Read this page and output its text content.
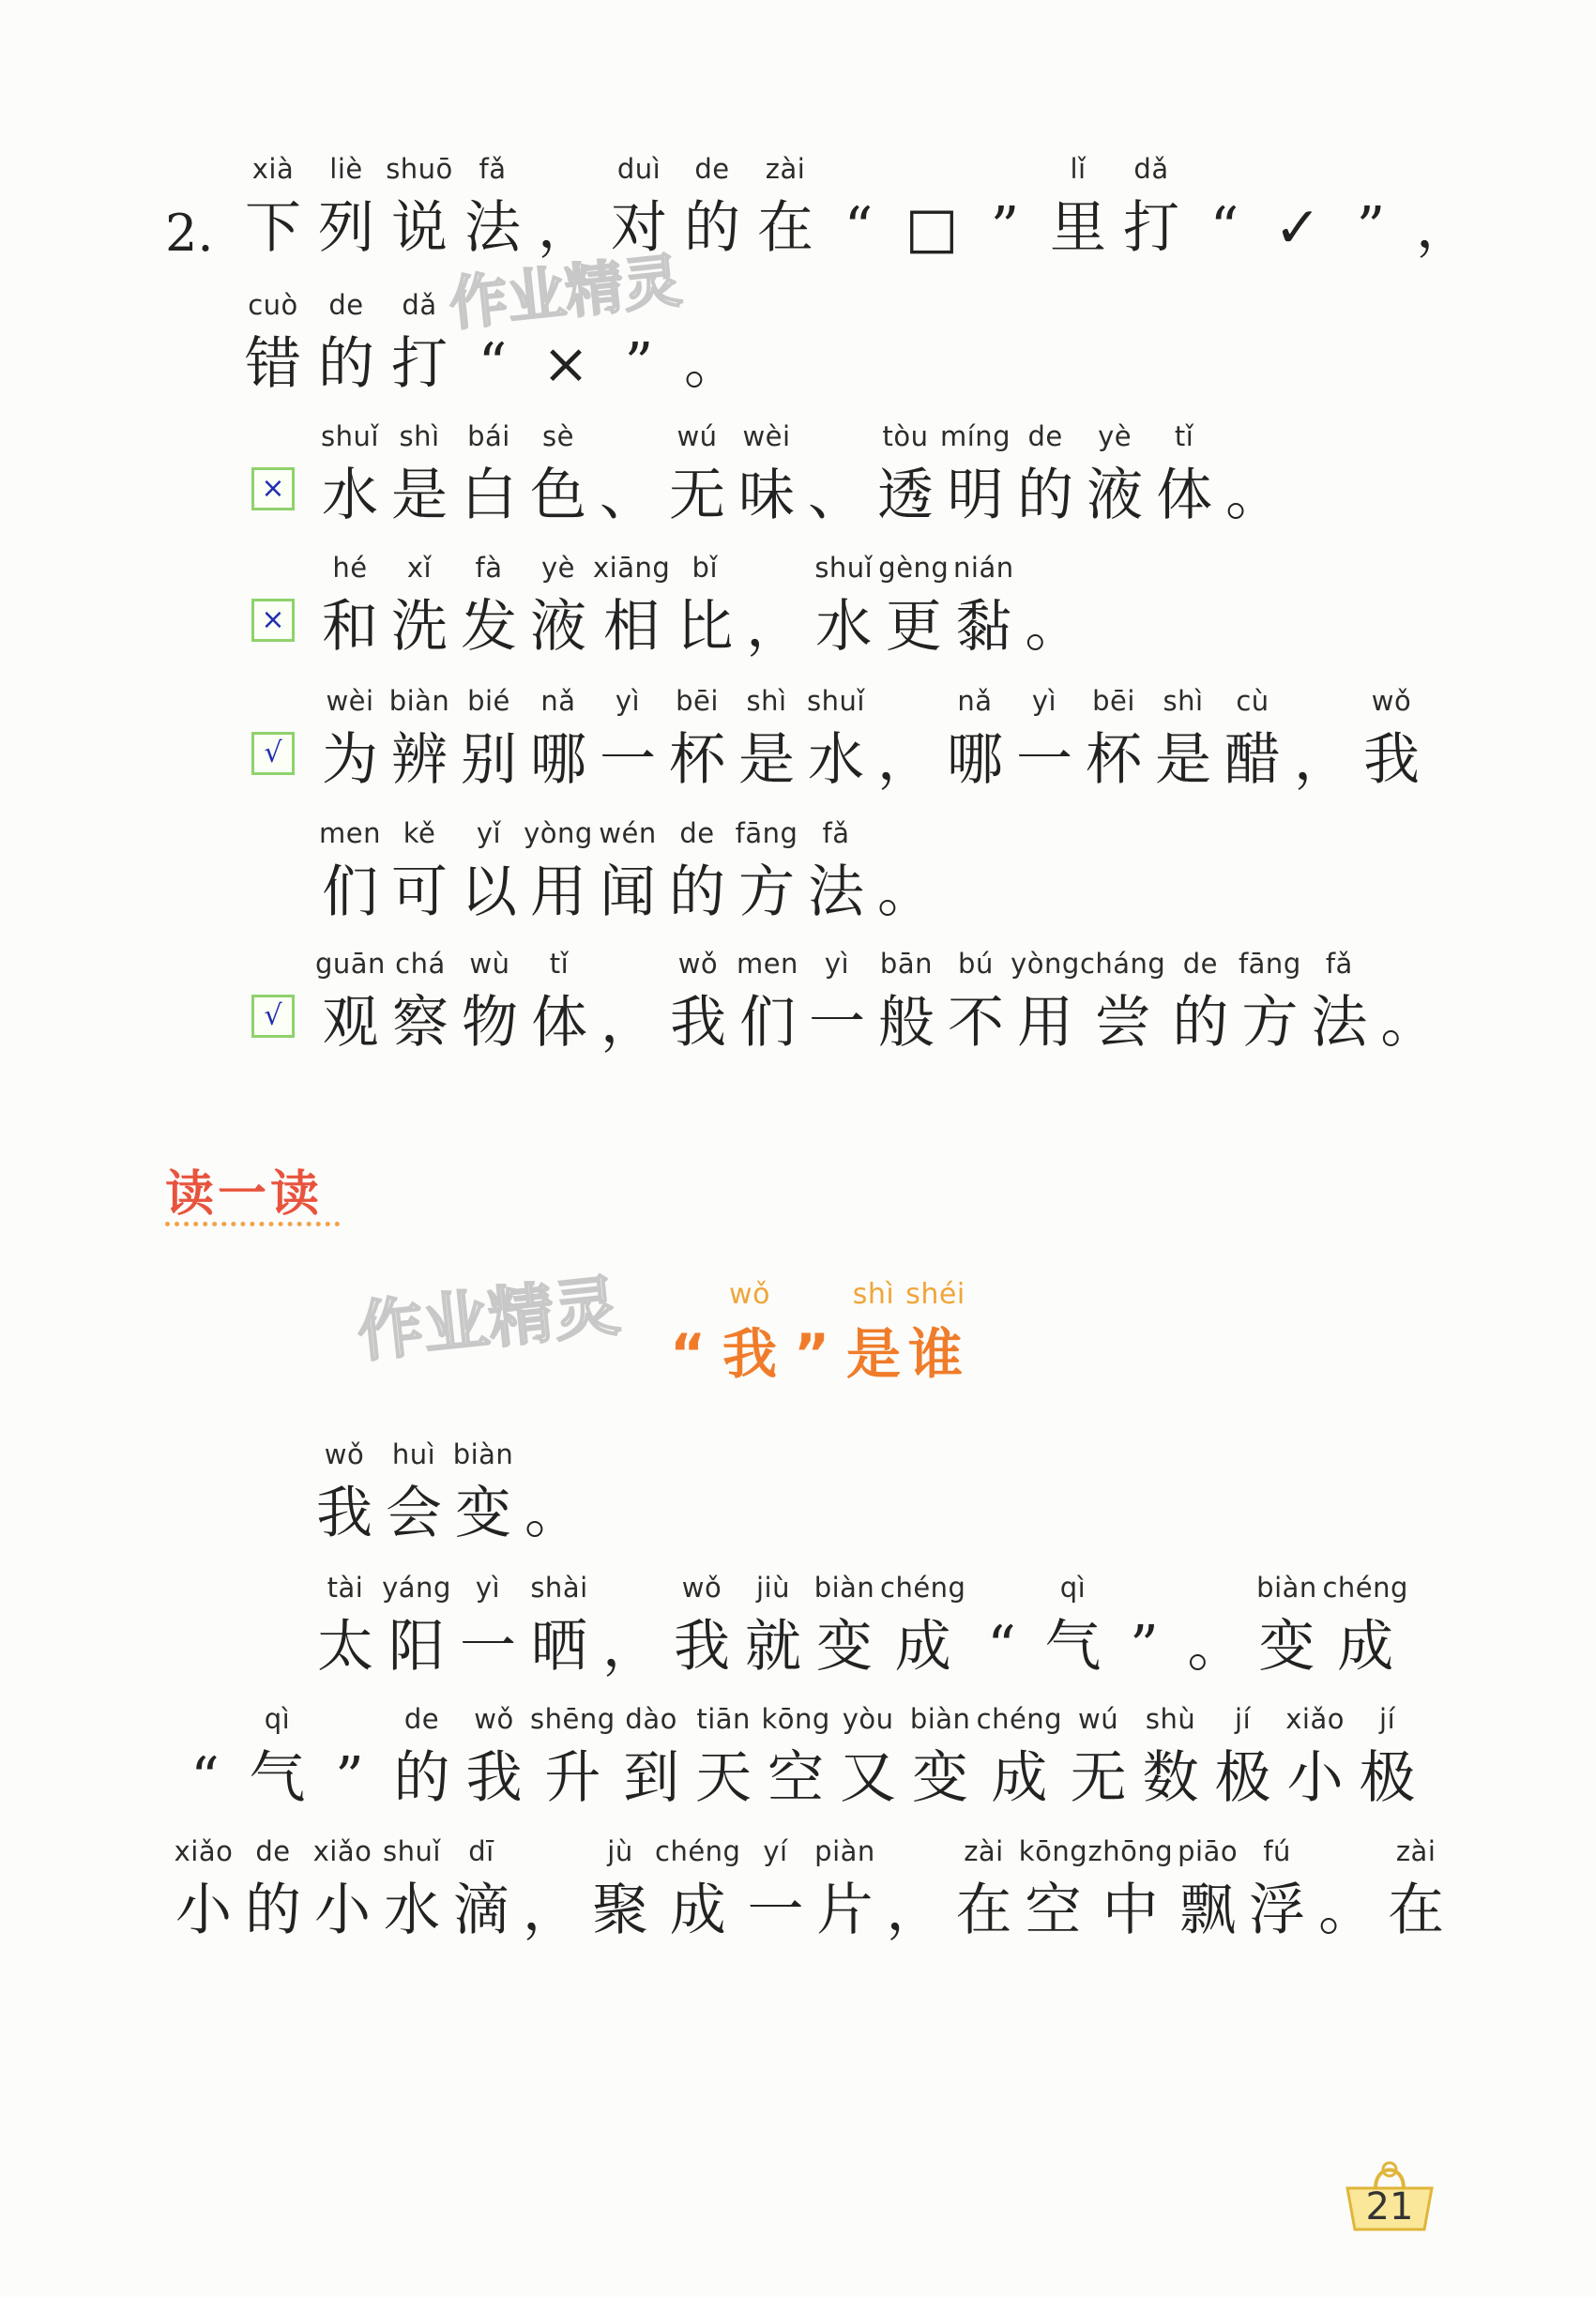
2.
xià
下
liè
列
shuō
说
fǎ
法 ，
duì
对
de
的
zài
在 “ □ ”
lǐ
里
dǎ
打 “ ✓ ” ，
cuò
错
de
的
dǎ
打 “ × ” 。
×
shuǐ
水
shì
是
bái
白
sè
色 、
wú
无
wèi
味 、
tòu
透
míng
明
de
的
yè
液
tǐ
体 。
×
hé
和
xǐ
洗
fà
发
yè
液
xiāng
相
bǐ
比 ，
shuǐ
水
gèng
更
nián
黏 。
√
wèi
为
biàn
辨
bié
别
nǎ
哪
yì
一
bēi
杯
shì
是
shuǐ
水 ，
nǎ
哪
yì
一
bēi
杯
shì
是
cù
醋 ，
wǒ
我
men
们
kě
可
yǐ
以
yòng
用
wén
闻
de
的
fāng
方
fǎ
法 。
√
guān
观
chá
察
wù
物
tǐ
体 ，
wǒ
我
men
们
yì
一
bān
般
bú
不
yòng
用
cháng
尝
de
的
fāng
方
fǎ
法 。
读一读
作业精灵
作业精灵 “
wǒ
我 ”
shì
是
shéi
谁
wǒ
我
huì
会
biàn
变 。
tài
太
yáng
阳
yì
一
shài
晒 ，
wǒ
我
jiù
就
biàn
变
chéng
成 “
qì
气 ” 。
biàn
变
chéng
成
“
qì
气 ”
de
的
wǒ
我
shēng
升
dào
到
tiān
天
kōng
空
yòu
又
biàn
变
chéng
成
wú
无
shù
数
jí
极
xiǎo
小
jí
极
xiǎo
小
de
的
xiǎo
小
shuǐ
水
dī
滴 ，
jù
聚
chéng
成
yí
一
piàn
片 ，
zài
在
kōng
空
zhōng
中
piāo
飘
fú
浮 。
zài
在
21
